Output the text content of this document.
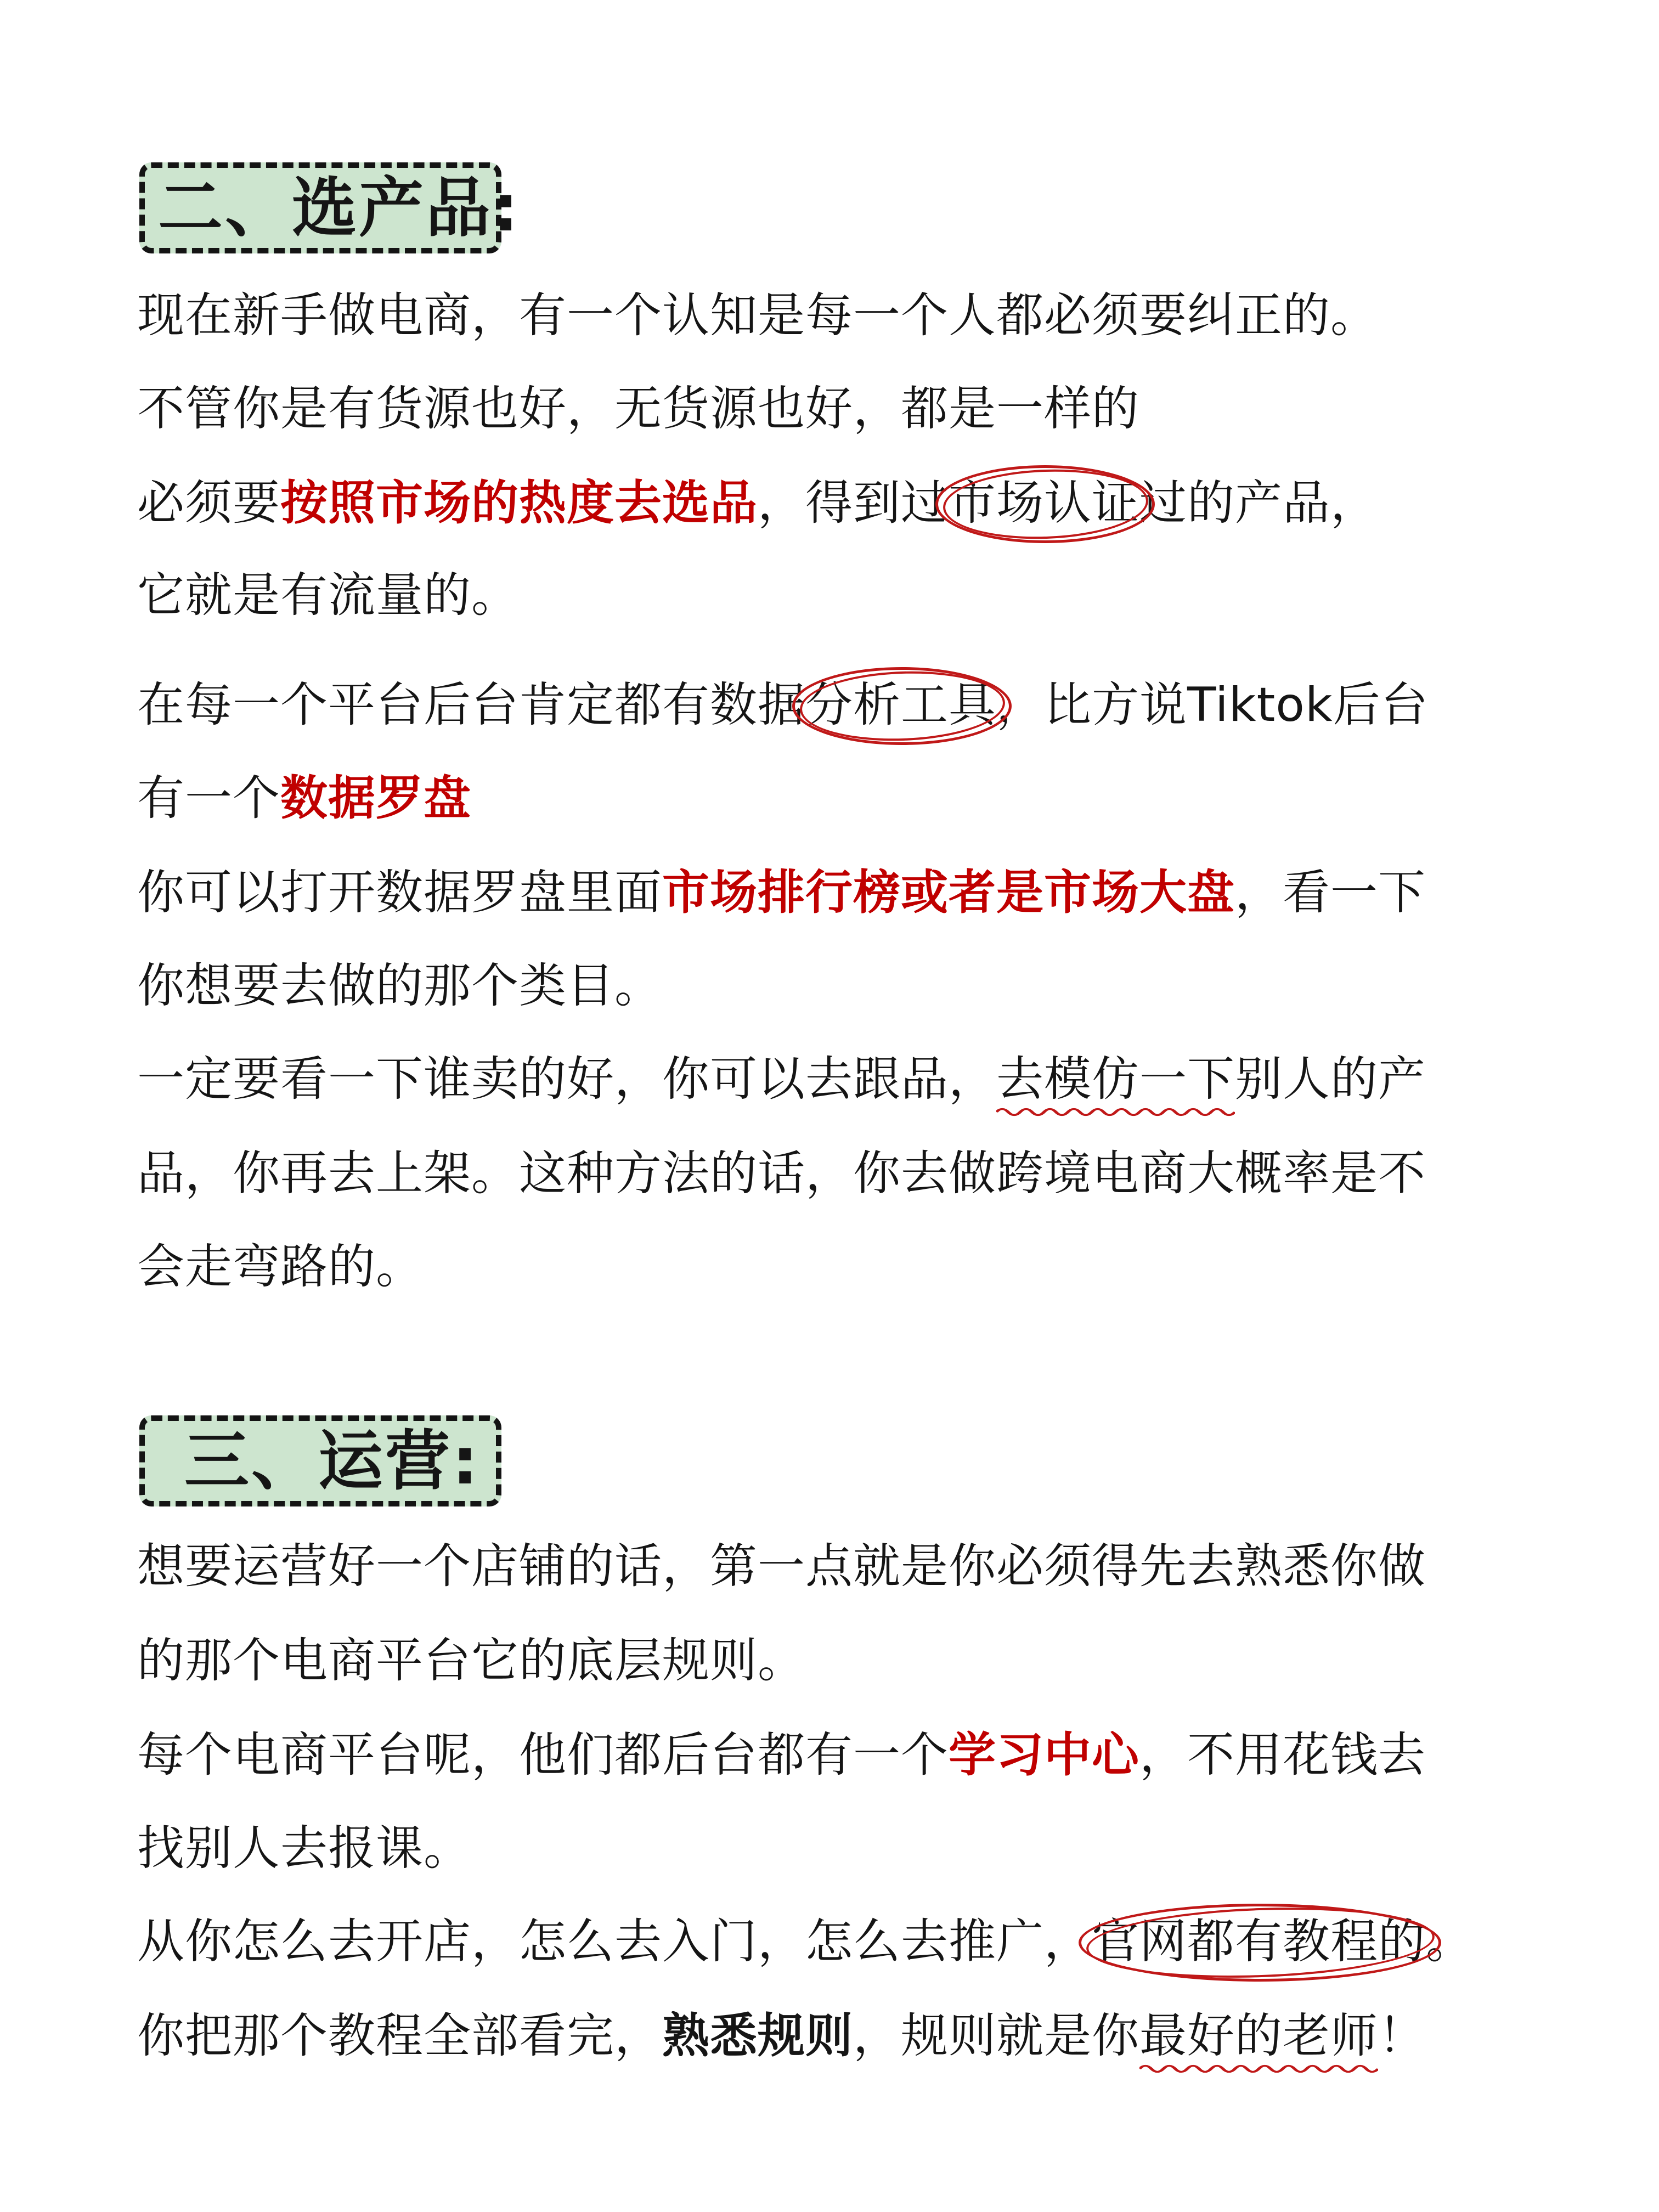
二、选产品:
现在新手做电商，有一个认知是每一个人都必须要纠正的。
不管你是有货源也好，无货源也好，都是一样的
必须要按照市场的热度去选品，得到过市场认证
过的产品，
它就是有流量的。
在每一个平台后台肯定都有数据分析工具
，比方说Tiktok后台
有一个数据罗盘
你可以打开数据罗盘里面市场排行榜或者是市场大盘，看一下
你想要去做的那个类目。
一定要看一下谁卖的好，你可以去跟品，去模仿一下
别人的产
品，你再去上架。这种方法的话，你去做跨境电商大概率是不
会走弯路的。
三、运营:
想要运营好一个店铺的话，第一点就是你必须得先去熟悉你做
的那个电商平台它的底层规则。
每个电商平台呢，他们都后台都有一个学习中心，不用花钱去
找别人去报课。
从你怎么去开店，怎么去入门，怎么去推广，官网都有教程的
。
你把那个教程全部看完，熟悉规则，规则就是你最好的老师
！
